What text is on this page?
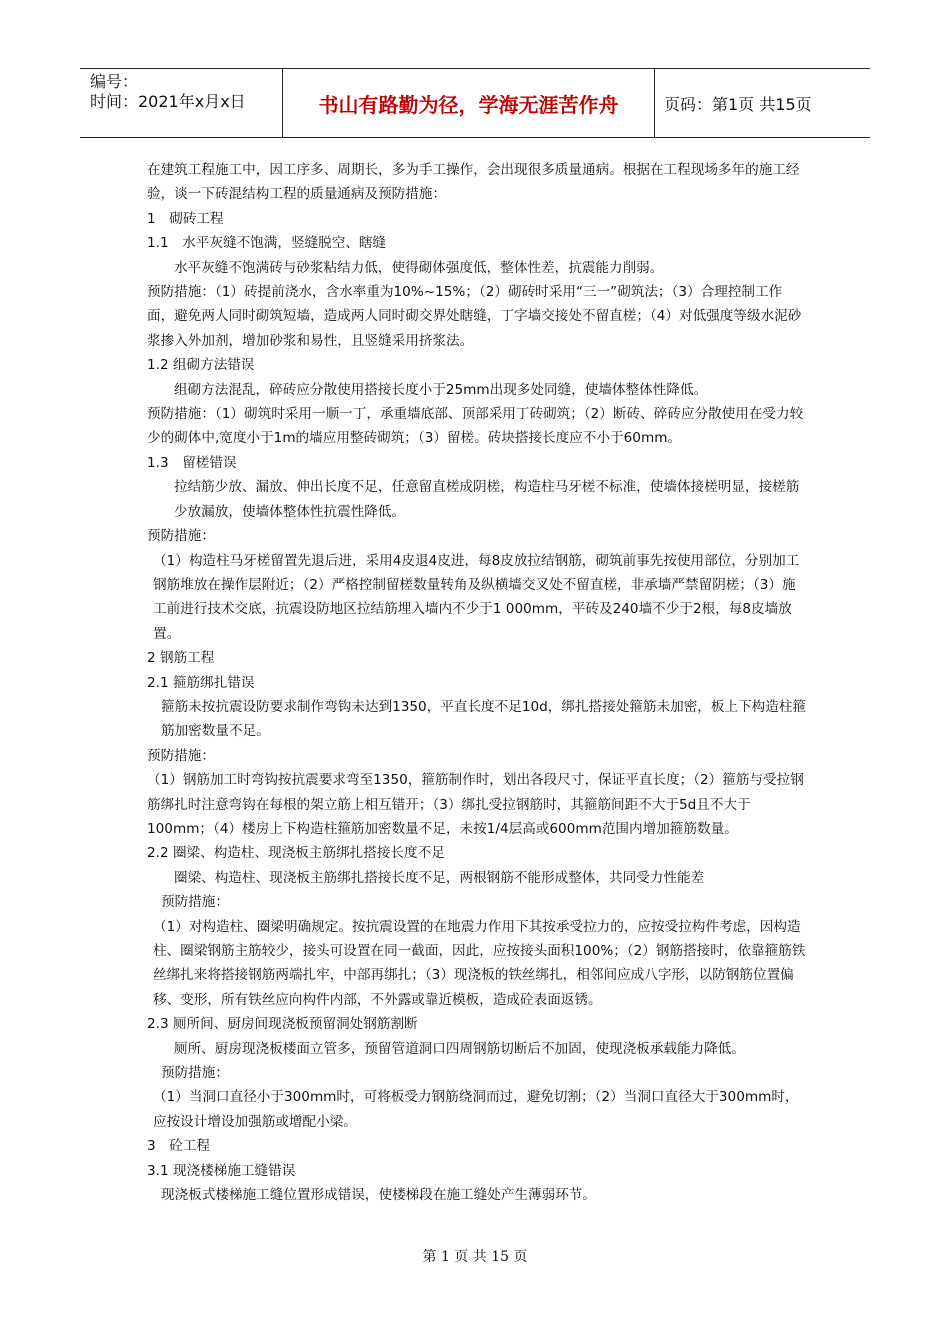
编号：
时间：2021年x月x日	书山有路勤为径，学海无涯苦作舟	页码：第1页 共15页

在建筑工程施工中，因工序多、周期长，多为手工操作，会出现很多质量通病。根据在工程现场多年的施工经验，谈一下砖混结构工程的质量通病及预防措施：

1　砌砖工程

1.1　水平灰缝不饱满，竖缝脱空、瞎缝

水平灰缝不饱满砖与砂浆粘结力低，使得砌体强度低，整体性差，抗震能力削弱。

预防措施：（1）砖提前浇水，含水率重为10%~15%；（2）砌砖时采用“三一”砌筑法；（3）合理控制工作面，避免两人同时砌筑短墙，造成两人同时砌交界处瞎缝，丁字墙交接处不留直槎；（4）对低强度等级水泥砂浆掺入外加剂，增加砂浆和易性，且竖缝采用挤浆法。

1.2 组砌方法错误

组砌方法混乱，碎砖应分散使用搭接长度小于25mm出现多处同缝，使墙体整体性降低。

预防措施：（1）砌筑时采用一顺一丁，承重墙底部、顶部采用丁砖砌筑；（2）断砖、碎砖应分散使用在受力较少的砌体中,宽度小于1m的墙应用整砖砌筑；（3）留槎。砖块搭接长度应不小于60mm。

1.3　留槎错误

拉结筋少放、漏放、伸出长度不足，任意留直槎成阴槎，构造柱马牙槎不标准，使墙体接槎明显，接槎筋少放漏放，使墙体整体性抗震性降低。

预防措施：

（1）构造柱马牙槎留置先退后进，采用4皮退4皮进，每8皮放拉结钢筋，砌筑前事先按使用部位，分别加工钢筋堆放在操作层附近；（2）严格控制留槎数量转角及纵横墙交叉处不留直槎，非承墙严禁留阴槎；（3）施工前进行技术交底，抗震设防地区拉结筋埋入墙内不少于1 000mm，平砖及240墙不少于2根，每8皮墙放置。

2 钢筋工程

2.1 箍筋绑扎错误

箍筋未按抗震设防要求制作弯钩未达到1350，平直长度不足10d，绑扎搭接处箍筋未加密，板上下构造柱箍筋加密数量不足。

预防措施：

（1）钢筋加工时弯钩按抗震要求弯至1350，箍筋制作时，划出各段尺寸，保证平直长度；（2）箍筋与受拉钢筋绑扎时注意弯钩在每根的架立筋上相互错开；（3）绑扎受拉钢筋时，其箍筋间距不大于5d且不大于100mm；（4）楼房上下构造柱箍筋加密数量不足，未按1/4层高或600mm范围内增加箍筋数量。

2.2 圈梁、构造柱、现浇板主筋绑扎搭接长度不足

圈梁、构造柱、现浇板主筋绑扎搭接长度不足，两根钢筋不能形成整体，共同受力性能差

预防措施：

（1）对构造柱、圈梁明确规定。按抗震设置的在地震力作用下其按承受拉力的，应按受拉构件考虑，因构造柱、圈梁钢筋主筋较少，接头可设置在同一截面，因此，应按接头面积100%；（2）钢筋搭接时，依靠箍筋铁丝绑扎来将搭接钢筋两端扎牢，中部再绑扎；（3）现浇板的铁丝绑扎，相邻间应成八字形，以防钢筋位置偏移、变形，所有铁丝应向构件内部，不外露或靠近模板，造成砼表面返锈。

2.3 厕所间、厨房间现浇板预留洞处钢筋割断

厕所、厨房现浇板楼面立管多，预留管道洞口四周钢筋切断后不加固，使现浇板承载能力降低。

预防措施：

（1）当洞口直径小于300mm时，可将板受力钢筋绕洞而过，避免切割；（2）当洞口直径大于300mm时，应按设计增设加强筋或增配小梁。

3　砼工程

3.1 现浇楼梯施工缝错误

现浇板式楼梯施工缝位置形成错误，使楼梯段在施工缝处产生薄弱环节。

第 1 页 共 15 页
